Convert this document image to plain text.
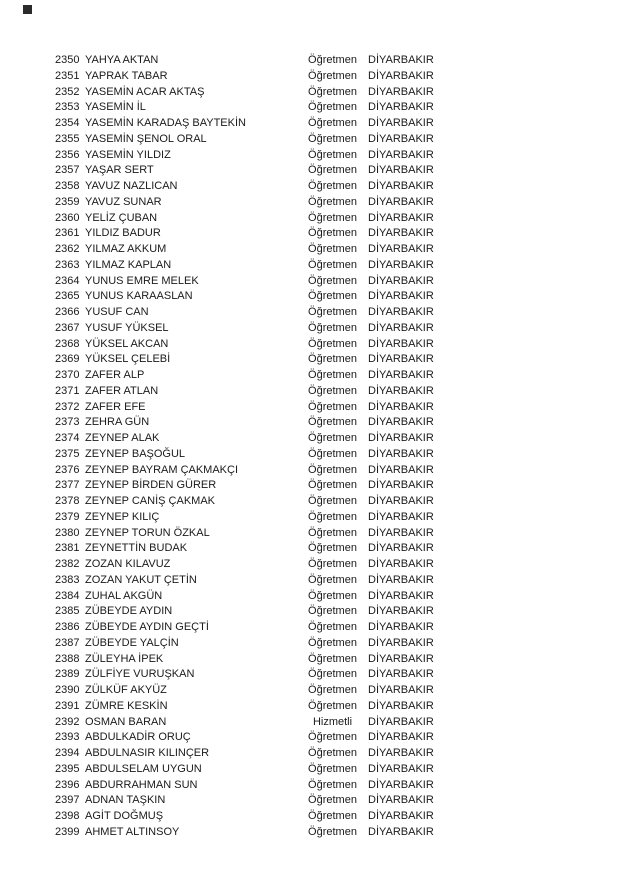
2350 YAHYA AKTAN	Öğretmen	DİYARBAKIR
2351 YAPRAK TABAR	Öğretmen	DİYARBAKIR
2352 YASEMİN ACAR AKTAŞ	Öğretmen	DİYARBAKIR
2353 YASEMİN İL	Öğretmen	DİYARBAKIR
2354 YASEMİN KARADAŞ BAYTEKİN	Öğretmen	DİYARBAKIR
2355 YASEMİN ŞENOL ORAL	Öğretmen	DİYARBAKIR
2356 YASEMİN YILDIZ	Öğretmen	DİYARBAKIR
2357 YAŞAR SERT	Öğretmen	DİYARBAKIR
2358 YAVUZ NAZLICAN	Öğretmen	DİYARBAKIR
2359 YAVUZ SUNAR	Öğretmen	DİYARBAKIR
2360 YELİZ ÇUBAN	Öğretmen	DİYARBAKIR
2361 YILDIZ BADUR	Öğretmen	DİYARBAKIR
2362 YILMAZ AKKUM	Öğretmen	DİYARBAKIR
2363 YILMAZ KAPLAN	Öğretmen	DİYARBAKIR
2364 YUNUS EMRE MELEK	Öğretmen	DİYARBAKIR
2365 YUNUS KARAASLAN	Öğretmen	DİYARBAKIR
2366 YUSUF CAN	Öğretmen	DİYARBAKIR
2367 YUSUF YÜKSEL	Öğretmen	DİYARBAKIR
2368 YÜKSEL AKCAN	Öğretmen	DİYARBAKIR
2369 YÜKSEL ÇELEBİ	Öğretmen	DİYARBAKIR
2370 ZAFER ALP	Öğretmen	DİYARBAKIR
2371 ZAFER ATLAN	Öğretmen	DİYARBAKIR
2372 ZAFER EFE	Öğretmen	DİYARBAKIR
2373 ZEHRA GÜN	Öğretmen	DİYARBAKIR
2374 ZEYNEP ALAK	Öğretmen	DİYARBAKIR
2375 ZEYNEP BAŞOĞUL	Öğretmen	DİYARBAKIR
2376 ZEYNEP BAYRAM ÇAKMAKÇI	Öğretmen	DİYARBAKIR
2377 ZEYNEP BİRDEN GÜRER	Öğretmen	DİYARBAKIR
2378 ZEYNEP CANİŞ ÇAKMAK	Öğretmen	DİYARBAKIR
2379 ZEYNEP KILIÇ	Öğretmen	DİYARBAKIR
2380 ZEYNEP TORUN ÖZKAL	Öğretmen	DİYARBAKIR
2381 ZEYNETTİN BUDAK	Öğretmen	DİYARBAKIR
2382 ZOZAN KILAVUZ	Öğretmen	DİYARBAKIR
2383 ZOZAN YAKUT ÇETİN	Öğretmen	DİYARBAKIR
2384 ZUHAL AKGÜN	Öğretmen	DİYARBAKIR
2385 ZÜBEYDE AYDIN	Öğretmen	DİYARBAKIR
2386 ZÜBEYDE AYDIN GEÇTİ	Öğretmen	DİYARBAKIR
2387 ZÜBEYDE YALÇİN	Öğretmen	DİYARBAKIR
2388 ZÜLEYHA İPEK	Öğretmen	DİYARBAKIR
2389 ZÜLFİYE VURUŞKAN	Öğretmen	DİYARBAKIR
2390 ZÜLKÜF AKYÜZ	Öğretmen	DİYARBAKIR
2391 ZÜMRE KESKİN	Öğretmen	DİYARBAKIR
2392 OSMAN BARAN	Hizmetli	DİYARBAKIR
2393 ABDULKADİR ORUÇ	Öğretmen	DİYARBAKIR
2394 ABDULNASIR KILINÇER	Öğretmen	DİYARBAKIR
2395 ABDULSELAM UYGUN	Öğretmen	DİYARBAKIR
2396 ABDURRAHMAN SUN	Öğretmen	DİYARBAKIR
2397 ADNAN TAŞKIN	Öğretmen	DİYARBAKIR
2398 AGİT DOĞMUŞ	Öğretmen	DİYARBAKIR
2399 AHMET ALTINSOY	Öğretmen	DİYARBAKIR
